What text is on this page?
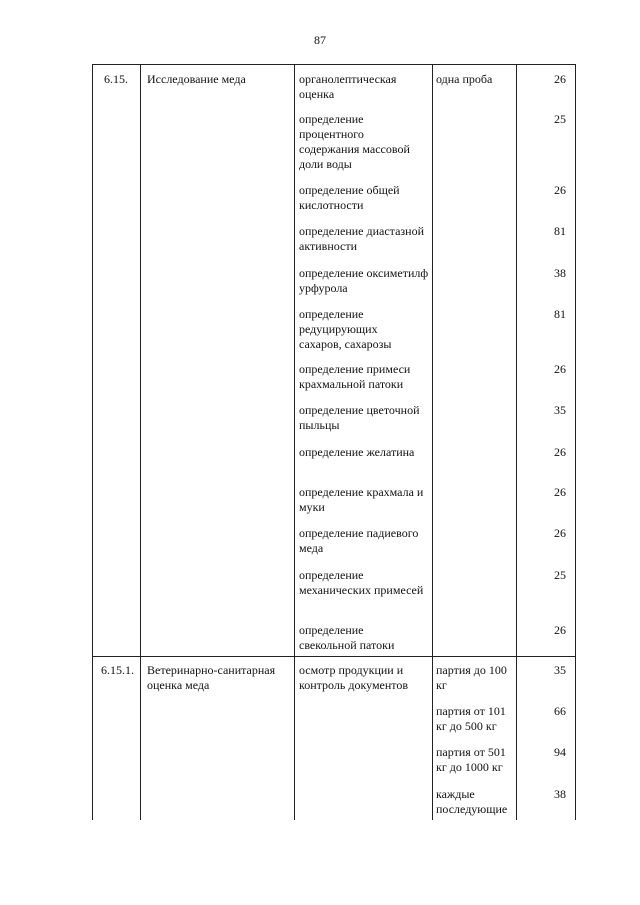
87
6.15. Исследование меда	одна проба
органолептическая оценка
26
определение процентного содержания массовой доли воды
25
определение общей кислотности
26
определение диастазной активности
81
определение оксиметилфурфурола
38
определение редуцирующих сахаров, сахарозы
81
определение примеси крахмальной патоки
26
определение цветочной пыльцы
35
определение желатина	26
определение крахмала и муки
26
определение падиевого меда
26
определение механических примесей
25
определение свекольной патоки
26
6.15.1. Ветеринарно-санитарная оценка меда
осмотр продукции и контроль документов
партия до 100 кг
35
партия от 101 кг до 500 кг
66
партия от 501 кг до 1000 кг
94
каждые последующие
38
